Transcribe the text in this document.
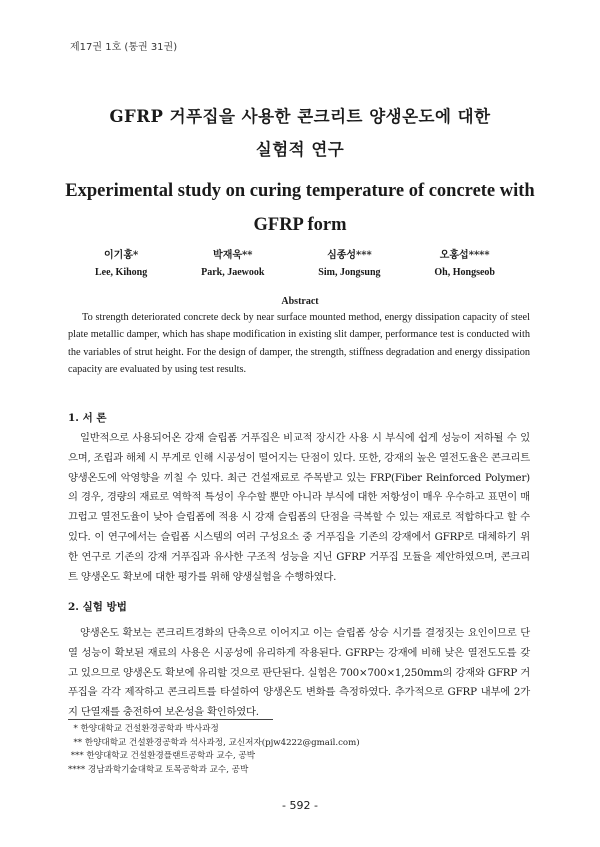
제17권 1호 (통권 31권)
GFRP 거푸집을 사용한 콘크리트 양생온도에 대한
실험적 연구
Experimental study on curing temperature of concrete with
GFRP form
이기홍*
Lee, Kihong
박재욱**
Park, Jaewook
심종성***
Sim, Jongsung
오홍섭****
Oh, Hongseob
Abstract
To strength deteriorated concrete deck by near surface mounted method, energy dissipation capacity of steel plate metallic damper, which has shape modification in existing slit damper, performance test is conducted with the variables of strut height. For the design of damper, the strength, stiffness degradation and energy dissipation capacity are evaluated by using test results.
1. 서 론
일반적으로 사용되어온 강재 슬립폼 거푸집은 비교적 장시간 사용 시 부식에 쉽게 성능이 저하될 수 있으며, 조립과 해체 시 무게로 인해 시공성이 떨어지는 단점이 있다. 또한, 강재의 높은 열전도율은 콘크리트 양생온도에 악영향을 끼칠 수 있다. 최근 건설재료로 주목받고 있는 FRP(Fiber Reinforced Polymer)의 경우, 경량의 재료로 역학적 특성이 우수할 뿐만 아니라 부식에 대한 저항성이 매우 우수하고 표면이 매끄럽고 열전도율이 낮아 슬립폼에 적용 시 강재 슬립폼의 단점을 극복할 수 있는 재료로 적합하다고 할 수 있다. 이 연구에서는 슬립폼 시스템의 여러 구성요소 중 거푸집을 기존의 강재에서 GFRP로 대체하기 위한 연구로 기존의 강재 거푸집과 유사한 구조적 성능을 지닌 GFRP 거푸집 모듈을 제안하였으며, 콘크리트 양생온도 확보에 대한 평가를 위해 양생실험을 수행하였다.
2. 실험 방법
양생온도 확보는 콘크리트경화의 단축으로 이어지고 이는 슬립폼 상승 시기를 결정짓는 요인이므로 단열 성능이 확보된 재료의 사용은 시공성에 유리하게 작용된다. GFRP는 강재에 비해 낮은 열전도도를 갖고 있으므로 양생온도 확보에 유리할 것으로 판단된다. 실험은 700×700×1,250mm의 강재와 GFRP 거푸집을 각각 제작하고 콘크리트를 타설하여 양생온도 변화를 측정하였다. 추가적으로 GFRP 내부에 2가지 단열재를 충전하여 보온성을 확인하였다.
* 한양대학교 건설환경공학과 박사과정
** 한양대학교 건설환경공학과 석사과정, 교신저자(pjw4222@gmail.com)
*** 한양대학교 건설환경플랜트공학과 교수, 공박
**** 경남과학기술대학교 토목공학과 교수, 공박
- 592 -
